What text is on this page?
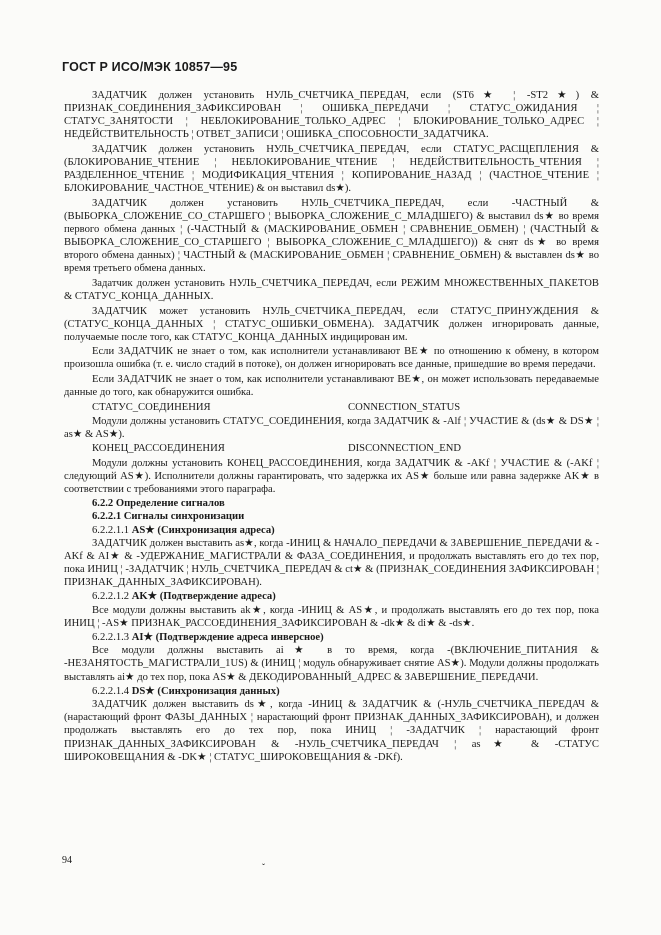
ГОСТ Р ИСО/МЭК 10857—95

ЗАДАТЧИК должен установить НУЛЬ_СЧЕТЧИКА_ПЕРЕДАЧ, если (ST6★ ¦ -ST2★) & ПРИЗНАК_СОЕДИНЕНИЯ_ЗАФИКСИРОВАН ¦ ОШИБКА_ПЕРЕДАЧИ ¦ СТАТУС_ОЖИДАНИЯ ¦ СТАТУС_ЗАНЯТОСТИ ¦ НЕБЛОКИРОВАНИЕ_ТОЛЬКО_АДРЕС ¦ БЛОКИРОВАНИЕ_ТОЛЬКО_АДРЕС ¦ НЕДЕЙСТВИТЕЛЬНОСТЬ ¦ ОТВЕТ_ЗАПИСИ ¦ ОШИБКА_СПОСОБНОСТИ_ЗАДАТЧИКА.

ЗАДАТЧИК должен установить НУЛЬ_СЧЕТЧИКА_ПЕРЕДАЧ, если СТАТУС_РАСЩЕПЛЕНИЯ & (БЛОКИРОВАНИЕ_ЧТЕНИЕ ¦ НЕБЛОКИРОВАНИЕ_ЧТЕНИЕ ¦ НЕДЕЙСТВИТЕЛЬНОСТЬ_ЧТЕНИЯ ¦ РАЗДЕЛЕННОЕ_ЧТЕНИЕ ¦ МОДИФИКАЦИЯ_ЧТЕНИЯ ¦ КОПИРОВАНИЕ_НАЗАД ¦ (ЧАСТНОЕ_ЧТЕНИЕ ¦ БЛОКИРОВАНИЕ_ЧАСТНОЕ_ЧТЕНИЕ) & он выставил ds★).

ЗАДАТЧИК должен установить НУЛЬ_СЧЕТЧИКА_ПЕРЕДАЧ, если -ЧАСТНЫЙ & (ВЫБОРКА_СЛОЖЕНИЕ_СО_СТАРШЕГО ¦ ВЫБОРКА_СЛОЖЕНИЕ_С_МЛАДШЕГО) & выставил ds★ во время первого обмена данных ¦ (-ЧАСТНЫЙ & (МАСКИРОВАНИЕ_ОБМЕН ¦ СРАВНЕНИЕ_ОБМЕН) ¦ (ЧАСТНЫЙ & ВЫБОРКА_СЛОЖЕНИЕ_СО_СТАРШЕГО ¦ ВЫБОРКА_СЛОЖЕНИЕ_С_МЛАДШЕГО)) & снят ds★ во время второго обмена данных) ¦ ЧАСТНЫЙ & (МАСКИРОВАНИЕ_ОБМЕН ¦ СРАВНЕНИЕ_ОБМЕН) & выставлен ds★ во время третьего обмена данных.

Задатчик должен установить НУЛЬ_СЧЕТЧИКА_ПЕРЕДАЧ, если РЕЖИМ МНОЖЕСТВЕННЫХ_ПАКЕТОВ & СТАТУС_КОНЦА_ДАННЫХ.

ЗАДАТЧИК может установить НУЛЬ_СЧЕТЧИКА_ПЕРЕДАЧ, если СТАТУС_ПРИНУЖДЕНИЯ & (СТАТУС_КОНЦА_ДАННЫХ ¦ СТАТУС_ОШИБКИ_ОБМЕНА). ЗАДАТЧИК должен игнорировать данные, получаемые после того, как СТАТУС_КОНЦА_ДАННЫХ индицирован им.

Если ЗАДАТЧИК не знает о том, как исполнители устанавливают ВЕ★ по отношению к обмену, в котором произошла ошибка (т. е. число стадий в потоке), он должен игнорировать все данные, пришедшие во время передачи.

Если ЗАДАТЧИК не знает о том, как исполнители устанавливают ВЕ★, он может использовать передаваемые данные до того, как обнаружится ошибка.

СТАТУС_СОЕДИНЕНИЯ	CONNECTION_STATUS

Модули должны установить СТАТУС_СОЕДИНЕНИЯ, когда ЗАДАТЧИК & -Alf ¦ УЧАСТИЕ & (ds★ & DS★ ¦ as★ & AS★).

КОНЕЦ_РАССОЕДИНЕНИЯ	DISCONNECTION_END

Модули должны установить КОНЕЦ_РАССОЕДИНЕНИЯ, когда ЗАДАТЧИК & -AKf ¦ УЧАСТИЕ & (-AKf ¦ следующий AS★). Исполнители должны гарантировать, что задержка их AS★ больше или равна задержке AK★ в соответствии с требованиями этого параграфа.

6.2.2 Определение сигналов

6.2.2.1 Сигналы синхронизации

6.2.2.1.1 AS★ (Синхронизация адреса)

ЗАДАТЧИК должен выставить as★, когда -ИНИЦ & НАЧАЛО_ПЕРЕДАЧИ & ЗАВЕРШЕНИЕ_ПЕРЕДАЧИ & -AKf & AI★ & -УДЕРЖАНИЕ_МАГИСТРАЛИ & ФАЗА_СОЕДИНЕНИЯ, и продолжать выставлять его до тех пор, пока ИНИЦ ¦ -ЗАДАТЧИК ¦ НУЛЬ_СЧЕТЧИКА_ПЕРЕДАЧ & ct★ & (ПРИЗНАК_СОЕДИНЕНИЯ ЗАФИКСИРОВАН ¦ ПРИЗНАК_ДАННЫХ_ЗАФИКСИРОВАН).

6.2.2.1.2 AK★ (Подтверждение адреса)

Все модули должны выставить ak★, когда -ИНИЦ & AS★, и продолжать выставлять его до тех пор, пока ИНИЦ ¦ -AS★ ПРИЗНАК_РАССОЕДИНЕНИЯ_ЗАФИКСИРОВАН & -dk★ & di★ & -ds★.

6.2.2.1.3 AI★ (Подтверждение адреса инверсное)

Все модули должны выставить ai★ в то время, когда -(ВКЛЮЧЕНИЕ_ПИТАНИЯ & -НЕЗАНЯТОСТЬ_МАГИСТРАЛИ_1US) & (ИНИЦ ¦ модуль обнаруживает снятие AS★). Модули должны продолжать выставлять ai★ до тех пор, пока AS★ & ДЕКОДИРОВАННЫЙ_АДРЕС & ЗАВЕРШЕНИЕ_ПЕРЕДАЧИ.

6.2.2.1.4 DS★ (Синхронизация данных)

ЗАДАТЧИК должен выставить ds★, когда -ИНИЦ & ЗАДАТЧИК & (-НУЛЬ_СЧЕТЧИКА_ПЕРЕДАЧ & (нарастающий фронт ФАЗЫ_ДАННЫХ ¦ нарастающий фронт ПРИЗНАК_ДАННЫХ_ЗАФИКСИРОВАН), и должен продолжать выставлять его до тех пор, пока ИНИЦ ¦ -ЗАДАТЧИК ¦ нарастающий фронт ПРИЗНАК_ДАННЫХ_ЗАФИКСИРОВАН & -НУЛЬ_СЧЕТЧИКА_ПЕРЕДАЧ ¦ as★ & -СТАТУС ШИРОКОВЕЩАНИЯ & -DK★ ¦ СТАТУС_ШИРОКОВЕЩАНИЯ & -DKf).

94
ˇ
